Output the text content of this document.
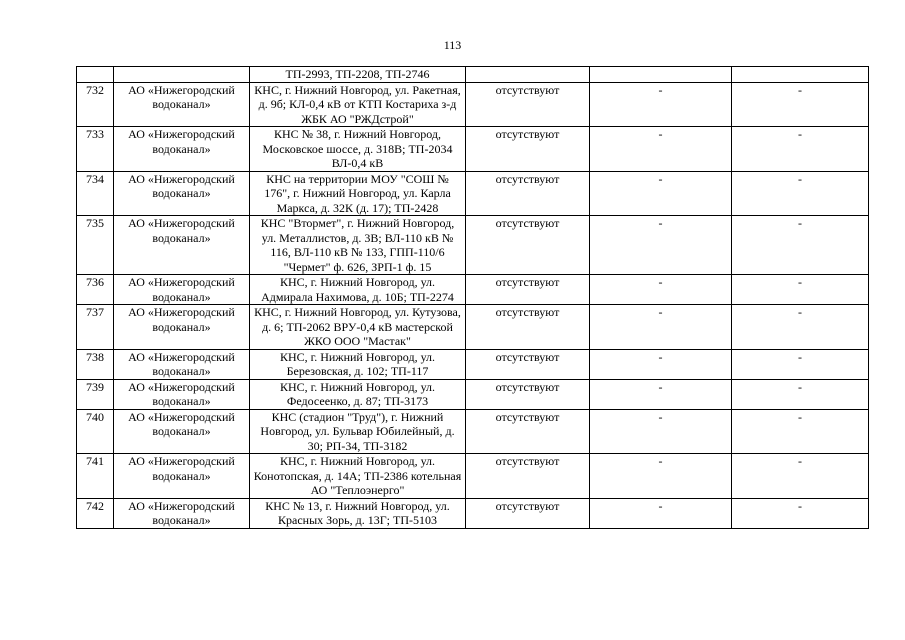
113
		ТП-2993, ТП-2208, ТП-2746			
732	АО «Нижегородский водоканал»	КНС, г. Нижний Новгород, ул. Ракетная, д. 9б; КЛ-0,4 кВ от КТП Костариха з-д ЖБК АО "РЖДстрой"	отсутствуют	-	-
733	АО «Нижегородский водоканал»	КНС № 38, г. Нижний Новгород, Московское шоссе, д. 318В; ТП-2034 ВЛ-0,4 кВ	отсутствуют	-	-
734	АО «Нижегородский водоканал»	КНС на территории МОУ "СОШ № 176", г. Нижний Новгород, ул. Карла Маркса, д. 32К (д. 17); ТП-2428	отсутствуют	-	-
735	АО «Нижегородский водоканал»	КНС "Втормет", г. Нижний Новгород, ул. Металлистов, д. 3В; ВЛ-110 кВ № 116, ВЛ-110 кВ № 133, ГПП-110/6 "Чермет" ф. 626, ЗРП-1 ф. 15	отсутствуют	-	-
736	АО «Нижегородский водоканал»	КНС, г. Нижний Новгород, ул. Адмирала Нахимова, д. 10Б; ТП-2274	отсутствуют	-	-
737	АО «Нижегородский водоканал»	КНС, г. Нижний Новгород, ул. Кутузова, д. 6; ТП-2062 ВРУ-0,4 кВ мастерской ЖКО ООО "Мастак"	отсутствуют	-	-
738	АО «Нижегородский водоканал»	КНС, г. Нижний Новгород, ул. Березовская, д. 102; ТП-117	отсутствуют	-	-
739	АО «Нижегородский водоканал»	КНС, г. Нижний Новгород, ул. Федосеенко, д. 87; ТП-3173	отсутствуют	-	-
740	АО «Нижегородский водоканал»	КНС (стадион "Труд"), г. Нижний Новгород, ул. Бульвар Юбилейный, д. 30; РП-34, ТП-3182	отсутствуют	-	-
741	АО «Нижегородский водоканал»	КНС, г. Нижний Новгород, ул. Конотопская, д. 14А; ТП-2386 котельная АО "Теплоэнерго"	отсутствуют	-	-
742	АО «Нижегородский водоканал»	КНС № 13, г. Нижний Новгород, ул. Красных Зорь, д. 13Г; ТП-5103	отсутствуют	-	-
